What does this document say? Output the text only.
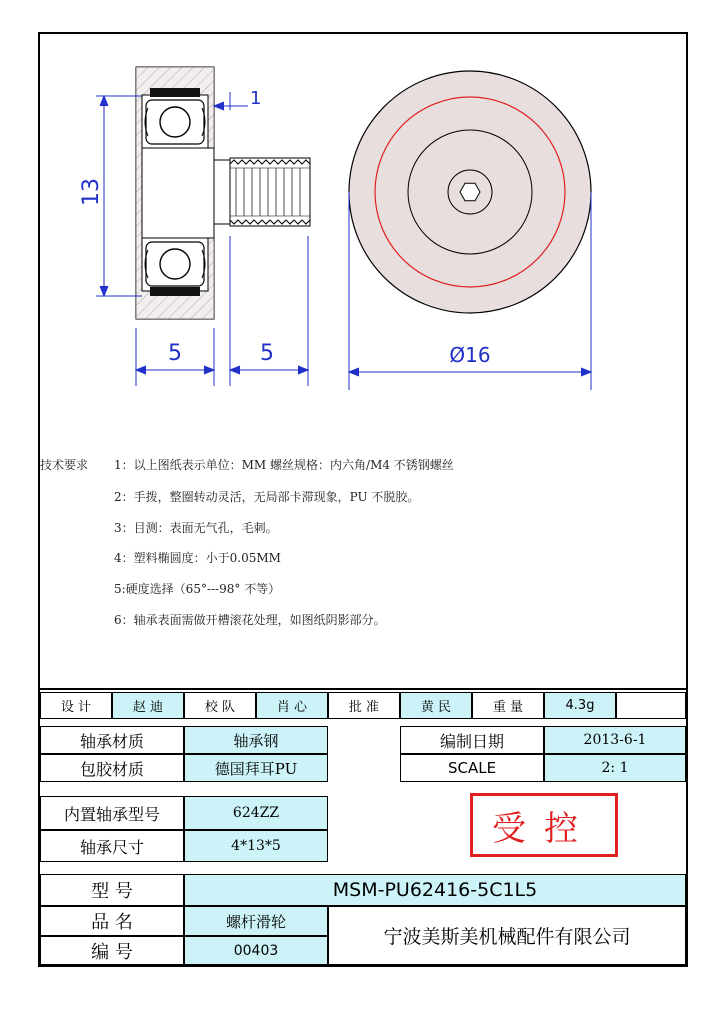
13
1
5	5	Ø16
技术要求 1：以上图纸表示单位：MM 螺丝规格：内六角/M4 不锈钢螺丝
2：手拨，整圈转动灵活，无局部卡滞现象，PU 不脱胶。
3：目测：表面无气孔，毛刺。
4：塑料椭圆度：小于0.05MM
5:硬度选择（65°---98° 不等）
6：轴承表面需做开槽滚花处理，如图纸阴影部分。
设 计	赵 迪	校 队	肖 心	批 准	黄 民	重 量	4.3g
轴承材质	轴承钢
包胶材质	德国拜耳PU
编制日期	2013-6-1
SCALE	2: 1
内置轴承型号	624ZZ
轴承尺寸	4*13*5	受控
型 号	MSM-PU62416-5C1L5
品 名	螺杆滑轮
编 号	00403
宁波美斯美机械配件有限公司
